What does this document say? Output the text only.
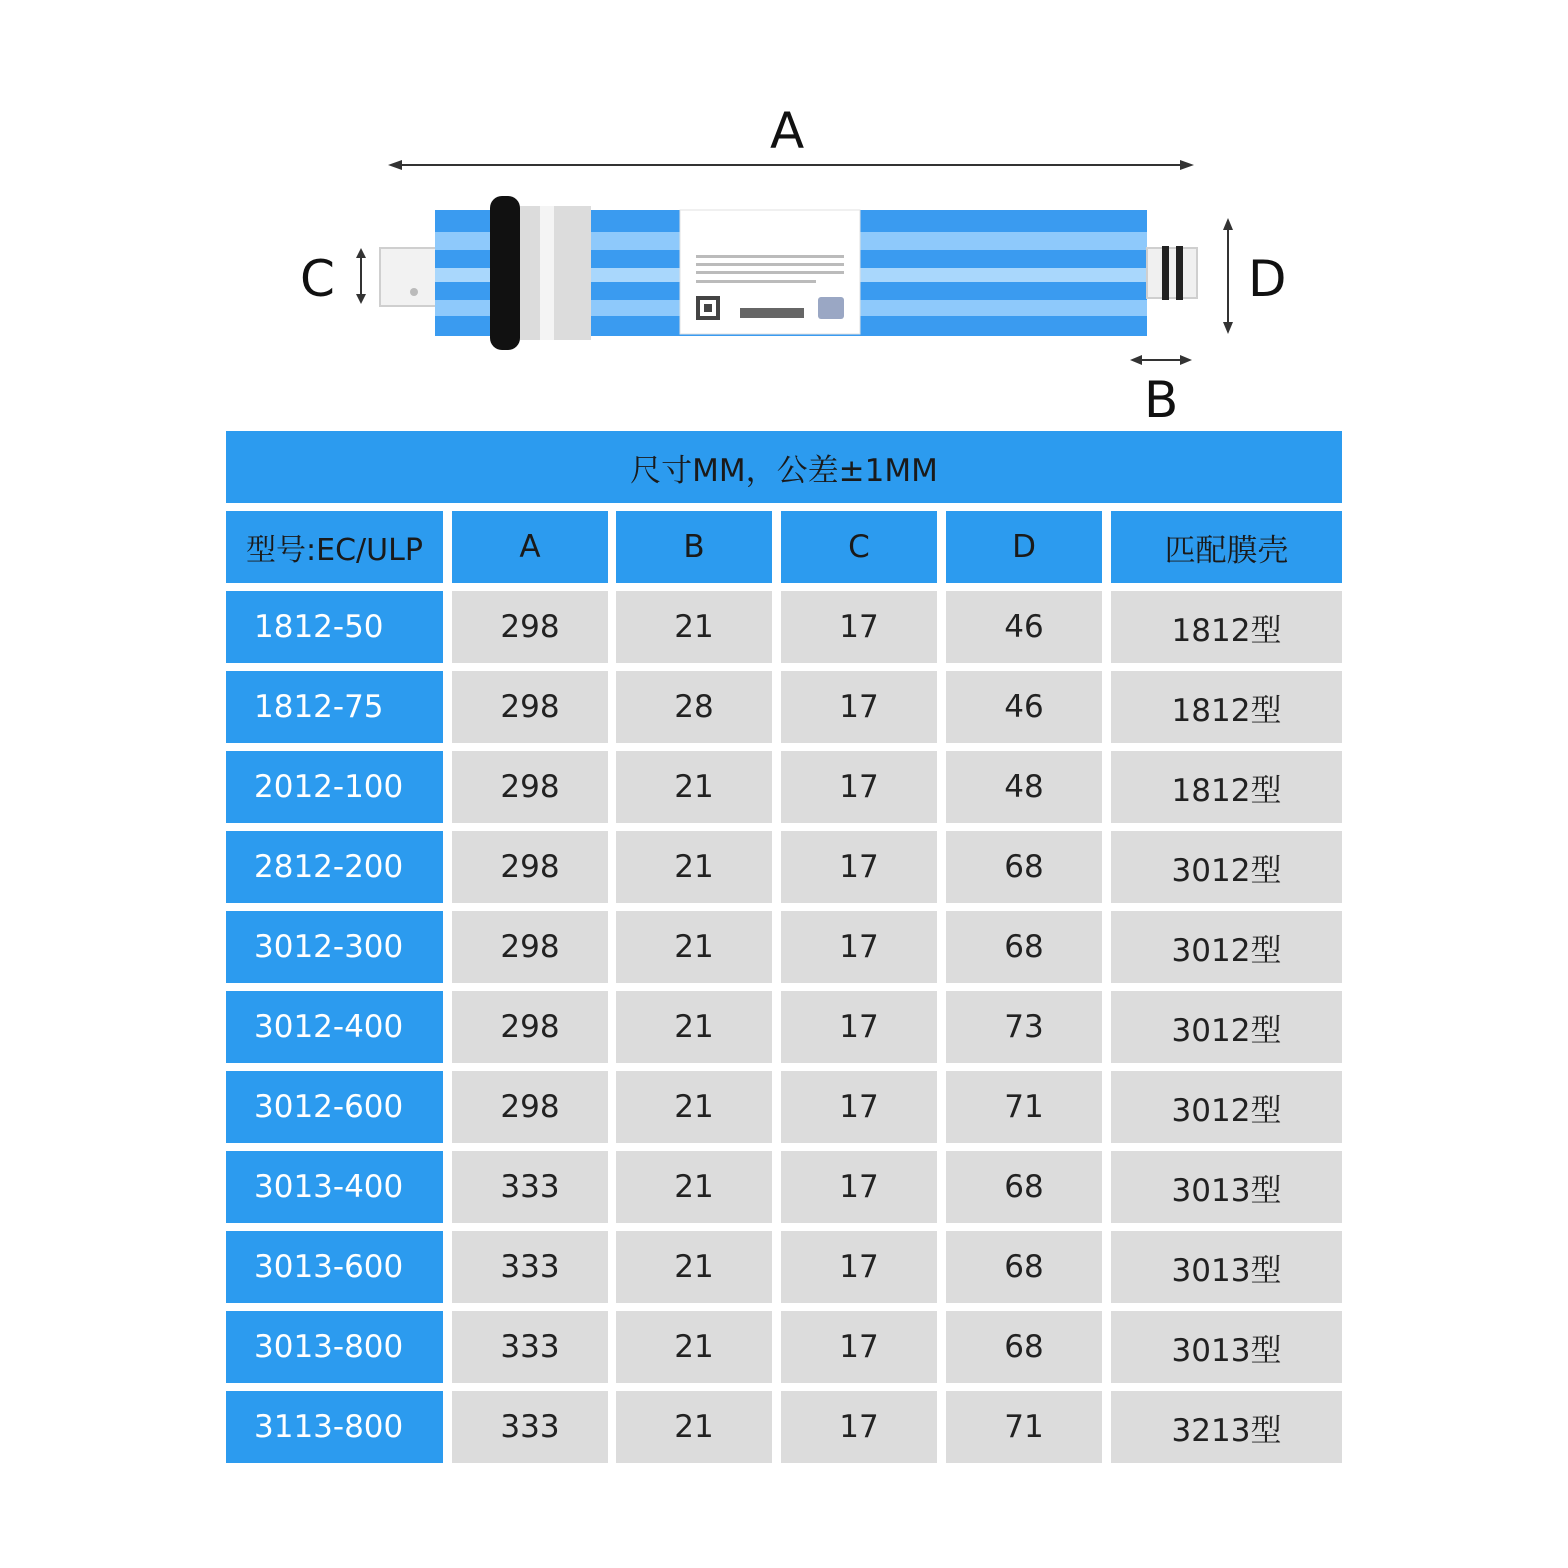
A
C	D
B
尺寸MM，公差±1MM
型号:EC/ULP	A	B	C	D	匹配膜壳
1812-50	298	21	17	46	1812型
1812-75	298	28	17	46	1812型
2012-100	298	21	17	48	1812型
2812-200	298	21	17	68	3012型
3012-300	298	21	17	68	3012型
3012-400	298	21	17	73	3012型
3012-600	298	21	17	71	3012型
3013-400	333	21	17	68	3013型
3013-600	333	21	17	68	3013型
3013-800	333	21	17	68	3013型
3113-800	333	21	17	71	3213型
